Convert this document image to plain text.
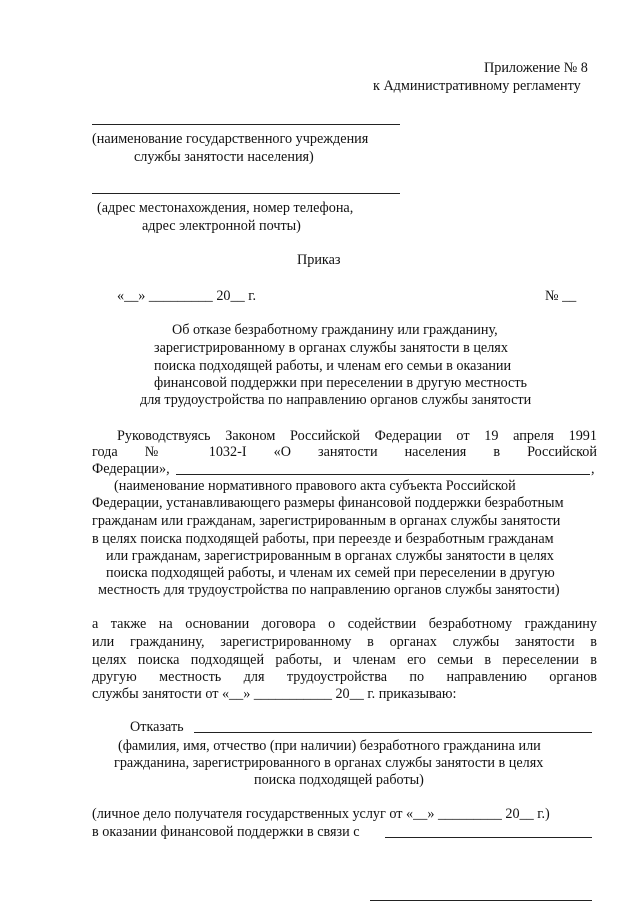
Приложение № 8
к Административному регламенту
(наименование государственного учреждения
службы занятости населения)
(адрес местонахождения, номер телефона,
адрес электронной почты)
Приказ
«__» _________ 20__ г.	№ __
Об отказе безработному гражданину или гражданину,
зарегистрированному в органах службы занятости в целях
поиска подходящей работы, и членам его семьи в оказании
финансовой поддержки при переселении в другую местность
для трудоустройства по направлению органов службы занятости
Руководствуясь Законом Российской Федерации от 19 апреля 1991
года № 1032-I «О занятости населения в Российской
Федерации»,	,
(наименование нормативного правового акта субъекта Российской
Федерации, устанавливающего размеры финансовой поддержки безработным
гражданам или гражданам, зарегистрированным в органах службы занятости
в целях поиска подходящей работы, при переезде и безработным гражданам
или гражданам, зарегистрированным в органах службы занятости в целях
поиска подходящей работы, и членам их семей при переселении в другую
местность для трудоустройства по направлению органов службы занятости)
а также на основании договора о содействии безработному гражданину
или гражданину, зарегистрированному в органах службы занятости в
целях поиска подходящей работы, и членам его семьи в переселении в
другую местность для трудоустройства по направлению органов
службы занятости от «__» ___________ 20__ г. приказываю:
Отказать
(фамилия, имя, отчество (при наличии) безработного гражданина или
гражданина, зарегистрированного в органах службы занятости в целях
поиска подходящей работы)
(личное дело получателя государственных услуг от «__» _________ 20__ г.)
в оказании финансовой поддержки в связи с
